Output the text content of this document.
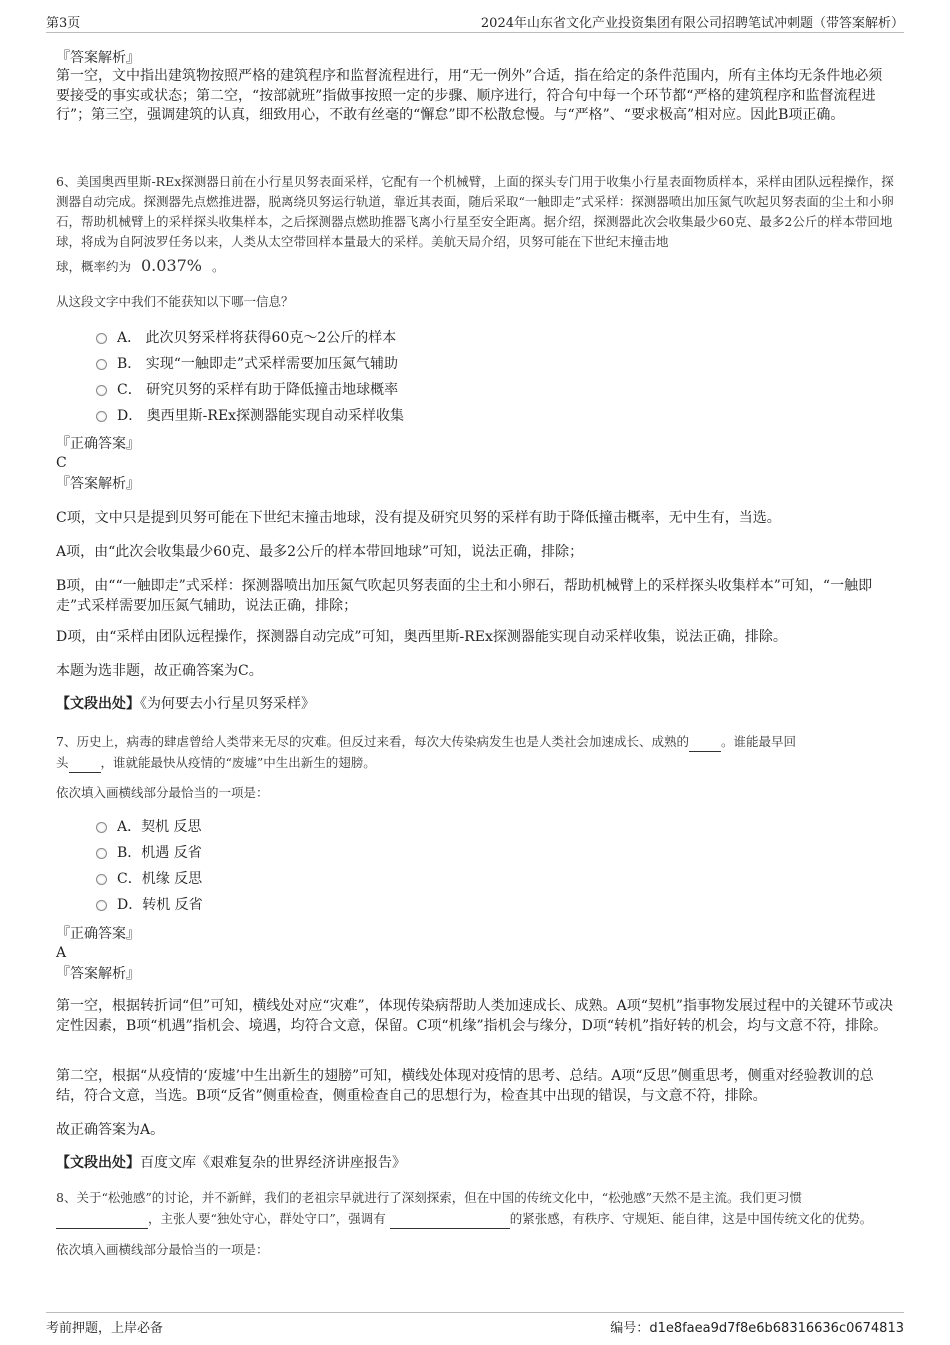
第3页	2024年山东省文化产业投资集团有限公司招聘笔试冲刺题（带答案解析）
『答案解析』
第一空，文中指出建筑物按照严格的建筑程序和监督流程进行，用“无一例外”合适，指在给定的条件范围内，所有主体均无条件地必须要接受的事实或状态；第二空，“按部就班”指做事按照一定的步骤、顺序进行，符合句中每一个环节都“严格的建筑程序和监督流程进行”；第三空，强调建筑的认真，细致用心，不敢有丝毫的“懈怠”即不松散怠慢。与“严格”、“要求极高”相对应。因此B项正确。
6、美国奥西里斯-REx探测器日前在小行星贝努表面采样，它配有一个机械臂，上面的探头专门用于收集小行星表面物质样本，采样由团队远程操作，探测器自动完成。探测器先点燃推进器，脱离绕贝努运行轨道，靠近其表面，随后采取“一触即走”式采样：探测器喷出加压氮气吹起贝努表面的尘土和小卵石，帮助机械臂上的采样探头收集样本，之后探测器点燃助推器飞离小行星至安全距离。据介绍，探测器此次会收集最少60克、最多2公斤的样本带回地球，将成为自阿波罗任务以来，人类从太空带回样本量最大的采样。美航天局介绍，贝努可能在下世纪末撞击地
球，概率约为 0.037% 。
从这段文字中我们不能获知以下哪一信息？
A． 此次贝努采样将获得60克～2公斤的样本
B． 实现“一触即走”式采样需要加压氮气辅助
C． 研究贝努的采样有助于降低撞击地球概率
D． 奥西里斯-REx探测器能实现自动采样收集
『正确答案』
C
『答案解析』
C项，文中只是提到贝努可能在下世纪末撞击地球，没有提及研究贝努的采样有助于降低撞击概率，无中生有，当选。
A项，由“此次会收集最少60克、最多2公斤的样本带回地球”可知，说法正确，排除；
B项，由““一触即走”式采样：探测器喷出加压氮气吹起贝努表面的尘土和小卵石，帮助机械臂上的采样探头收集样本”可知，“一触即走”式采样需要加压氮气辅助，说法正确，排除；
D项，由“采样由团队远程操作，探测器自动完成”可知，奥西里斯-REx探测器能实现自动采样收集，说法正确，排除。
本题为选非题，故正确答案为C。
【文段出处】《为何要去小行星贝努采样》
7、历史上，病毒的肆虐曾给人类带来无尽的灾难。但反过来看，每次大传染病发生也是人类社会加速成长、成熟的	。谁能最早回
头	，谁就能最快从疫情的“废墟”中生出新生的翅膀。
依次填入画横线部分最恰当的一项是：
A．契机 反思
B．机遇 反省
C．机缘 反思
D．转机 反省
『正确答案』
A
『答案解析』
第一空，根据转折词“但”可知，横线处对应“灾难”，体现传染病帮助人类加速成长、成熟。A项“契机”指事物发展过程中的关键环节或决定性因素，B项“机遇”指机会、境遇，均符合文意，保留。C项“机缘”指机会与缘分，D项“转机”指好转的机会，均与文意不符，排除。
第二空，根据“从疫情的‘废墟’中生出新生的翅膀”可知，横线处体现对疫情的思考、总结。A项“反思”侧重思考，侧重对经验教训的总结，符合文意，当选。B项“反省”侧重检查，侧重检查自己的思想行为，检查其中出现的错误，与文意不符，排除。
故正确答案为A。
【文段出处】百度文库《艰难复杂的世界经济讲座报告》
8、关于“松弛感”的讨论，并不新鲜，我们的老祖宗早就进行了深刻探索，但在中国的传统文化中，“松弛感”天然不是主流。我们更习惯
，主张人要“独处守心，群处守口”，强调有	的紧张感，有秩序、守规矩、能自律，这是中国传统文化的优势。
依次填入画横线部分最恰当的一项是：
考前押题，上岸必备	编号：d1e8faea9d7f8e6b68316636c0674813
